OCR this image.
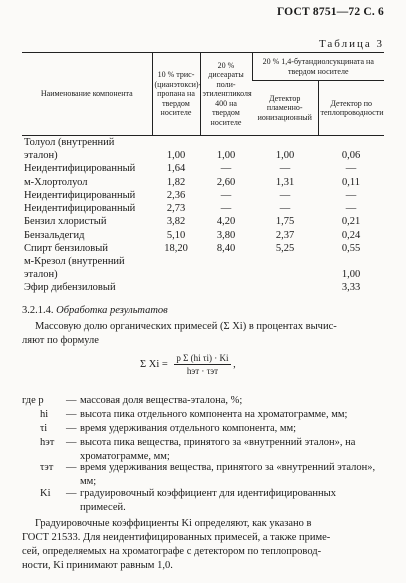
ГОСТ 8751—72 С. 6
Таблица 3
Наименование компонента	10 % трис-(цианэтокси)-пропана на твердом носителе	20 % дисеараты поли-этиленгликоля 400 на твердом носителе	20 % 1,4-бутандиолсукцината на твердом носителе	
			Детектор пламенно-ионизационный	Детектор по теплопроводности
Толуол (внутренний эталон)	1,00	1,00	1,00	0,06
Неидентифицированный	1,64	—	—	—
м-Хлортолуол	1,82	2,60	1,31	0,11
Неидентифицированный	2,36	—	—	—
Неидентифицированный	2,73	—	—	—
Бензил хлористый	3,82	4,20	1,75	0,21
Бензальдегид	5,10	3,80	2,37	0,24
Спирт бензиловый	18,20	8,40	5,25	0,55
м-Крезол (внутренний эталон)				1,00
Эфир дибензиловый				3,33
3.2.1.4. Обработка результатов

Массовую долю органических примесей (Σ Xi) в процентах вычис-

ляют по формуле

Σ $Xi = \frac{\text{p Σ (hi τi) · Ki}}{\text{hэт · τэт}}$ ,
где p	— массовая доля вещества-эталона, %;
hi	— высота пика отдельного компонента на хроматограмме, мм;
τi	— время удерживания отдельного компонента, мм;
hэт	— высота пика вещества, принятого за «внутренний эталон», на хроматограмме, мм;
τэт	— время удерживания вещества, принятого за «внутренний эталон», мм;
Ki	— градуировочный коэффициент для идентифицированных примесей.

Градуировочные коэффициенты Ki определяют, как указано в

ГОСТ 21533. Для неидентифицированных примесей, а также приме-

сей, определяемых на хроматографе с детектором по теплопровод-

ности, Ki принимают равным 1,0.
